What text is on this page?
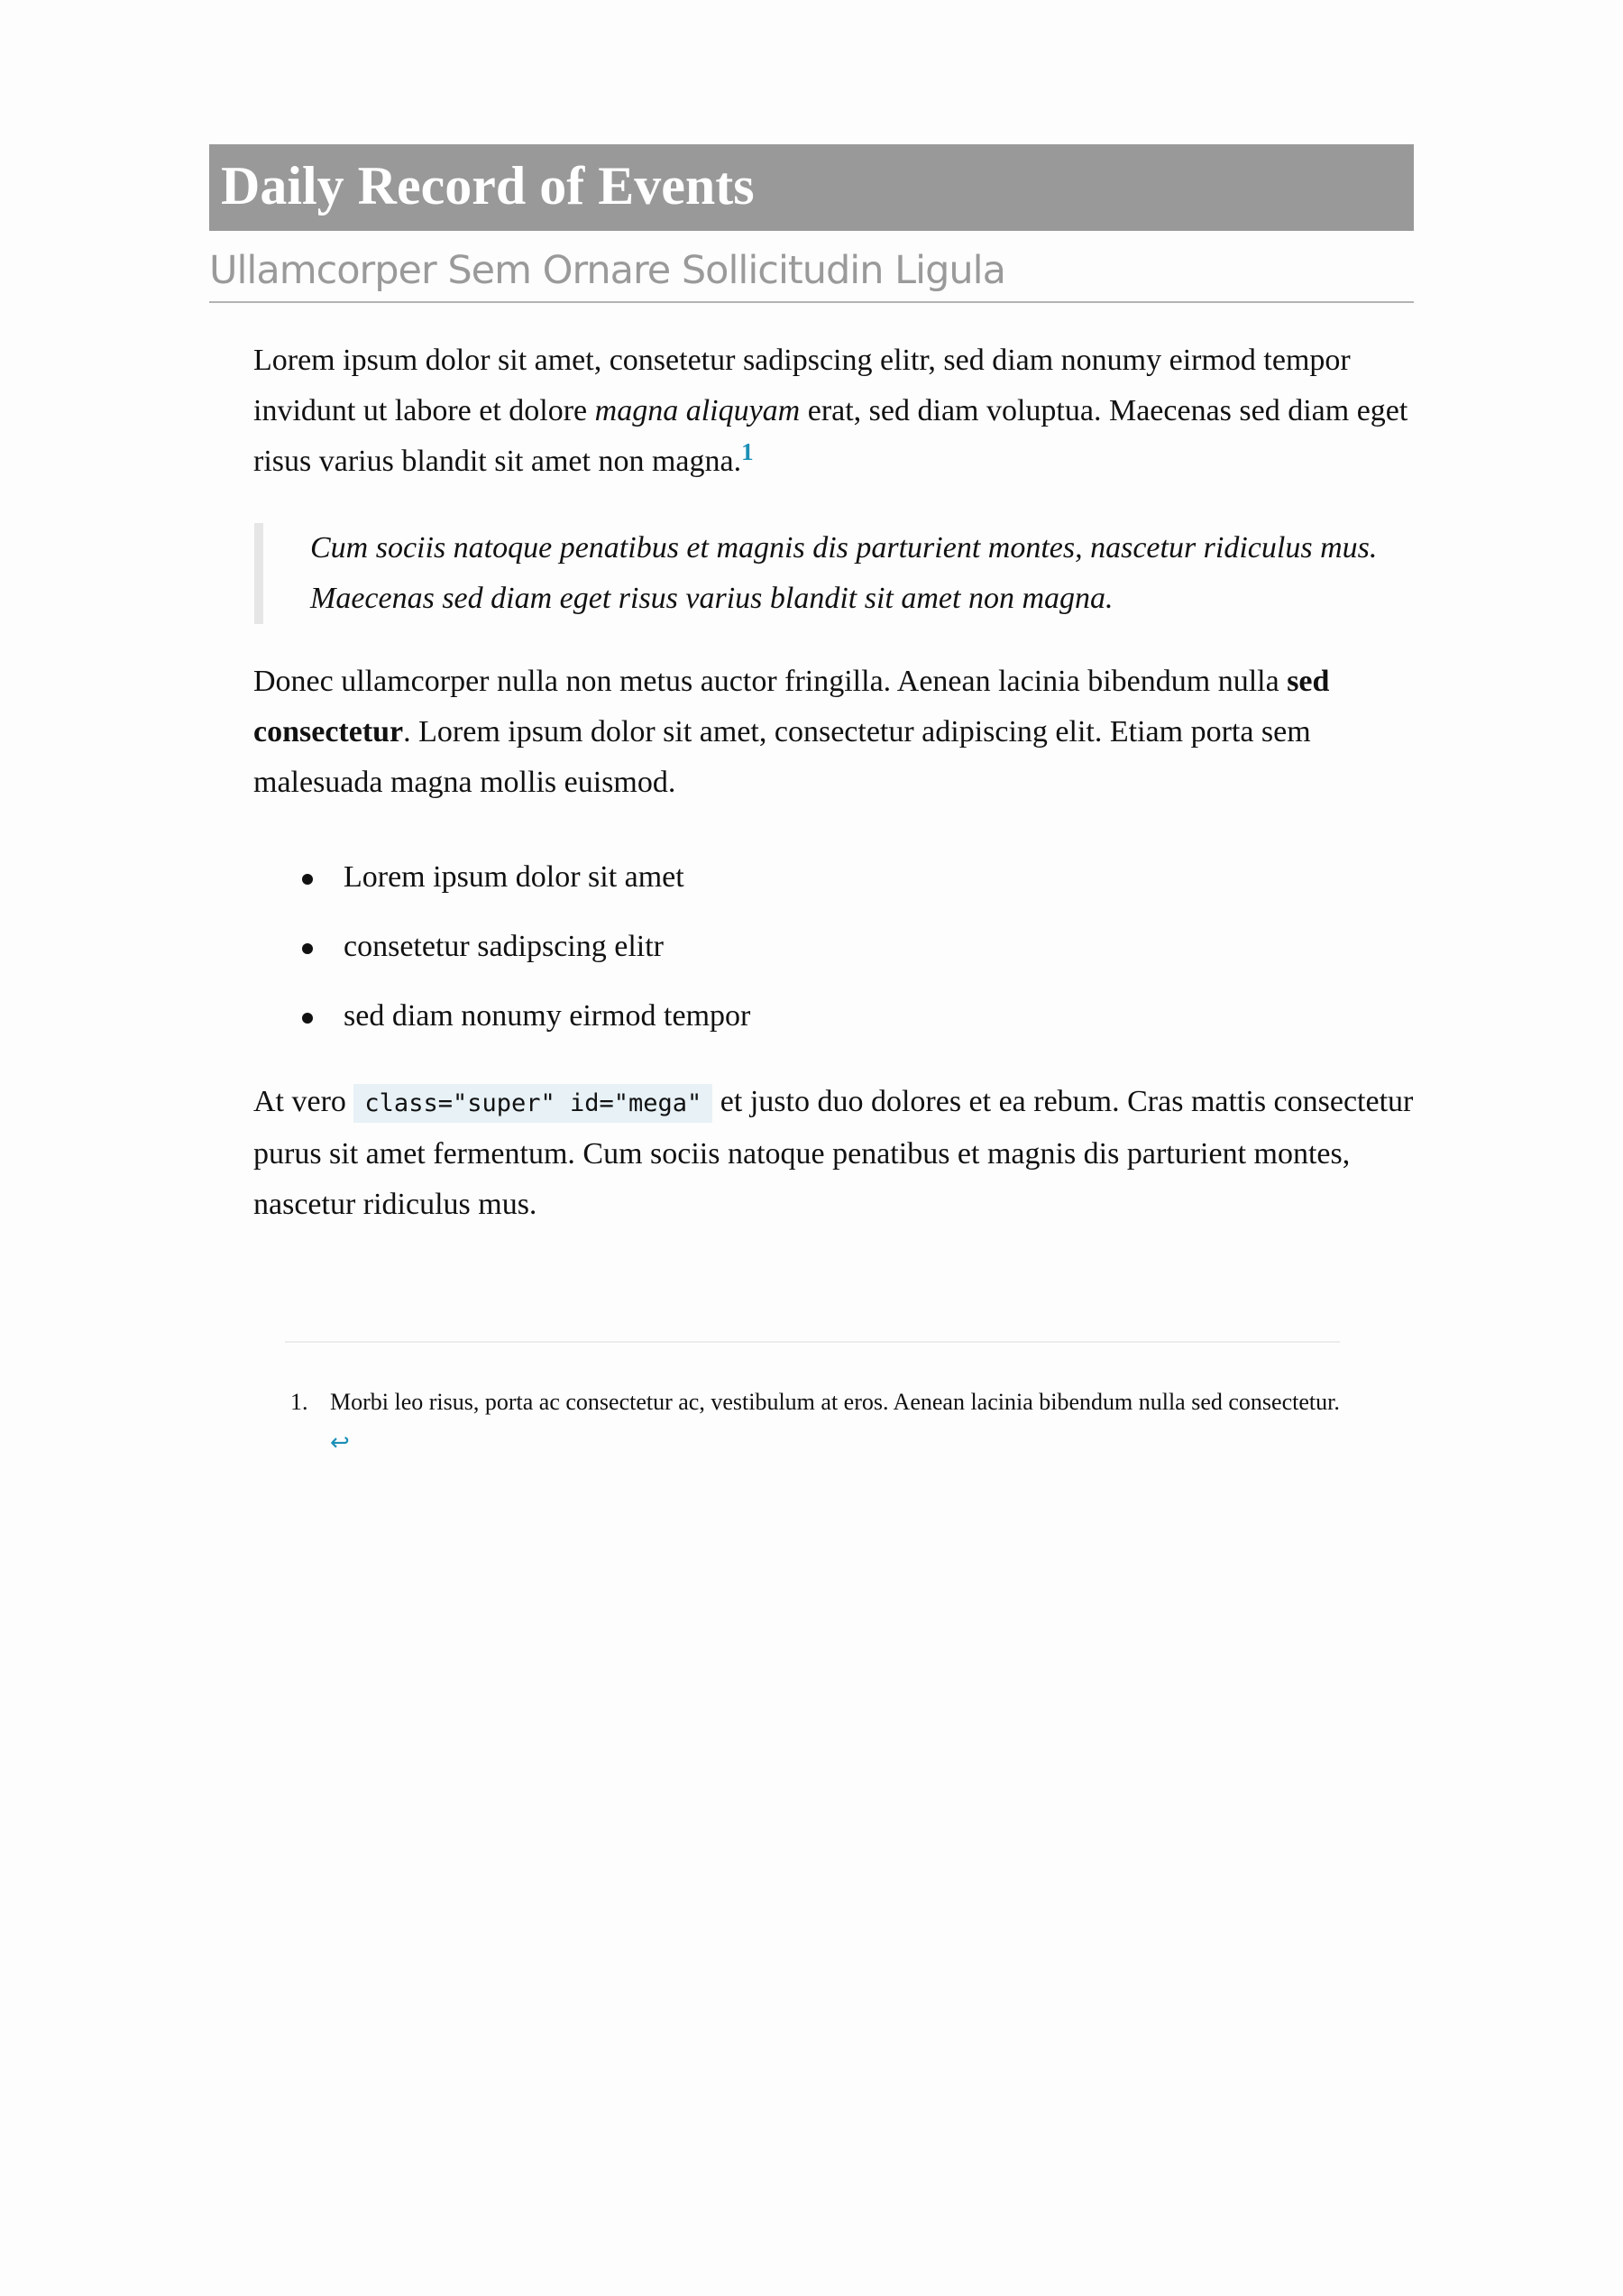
Daily Record of Events
Ullamcorper Sem Ornare Sollicitudin Ligula

Lorem ipsum dolor sit amet, consetetur sadipscing elitr, sed diam nonumy eirmod tempor invidunt ut labore et dolore magna aliquyam erat, sed diam voluptua. Maecenas sed diam eget risus varius blandit sit amet non magna.$^1$

Cum sociis natoque penatibus et magnis dis parturient montes, nascetur ridiculus mus. Maecenas sed diam eget risus varius blandit sit amet non magna.

Donec ullamcorper nulla non metus auctor fringilla. Aenean lacinia bibendum nulla sed consectetur. Lorem ipsum dolor sit amet, consectetur adipiscing elit. Etiam porta sem malesuada magna mollis euismod.

Lorem ipsum dolor sit amet
consetetur sadipscing elitr
sed diam nonumy eirmod tempor

At vero class="super" id="mega" et justo duo dolores et ea rebum. Cras mattis consectetur purus sit amet fermentum. Cum sociis natoque penatibus et magnis dis parturient montes, nascetur ridiculus mus.

1. Morbi leo risus, porta ac consectetur ac, vestibulum at eros. Aenean lacinia bibendum nulla sed consectetur. ↩
